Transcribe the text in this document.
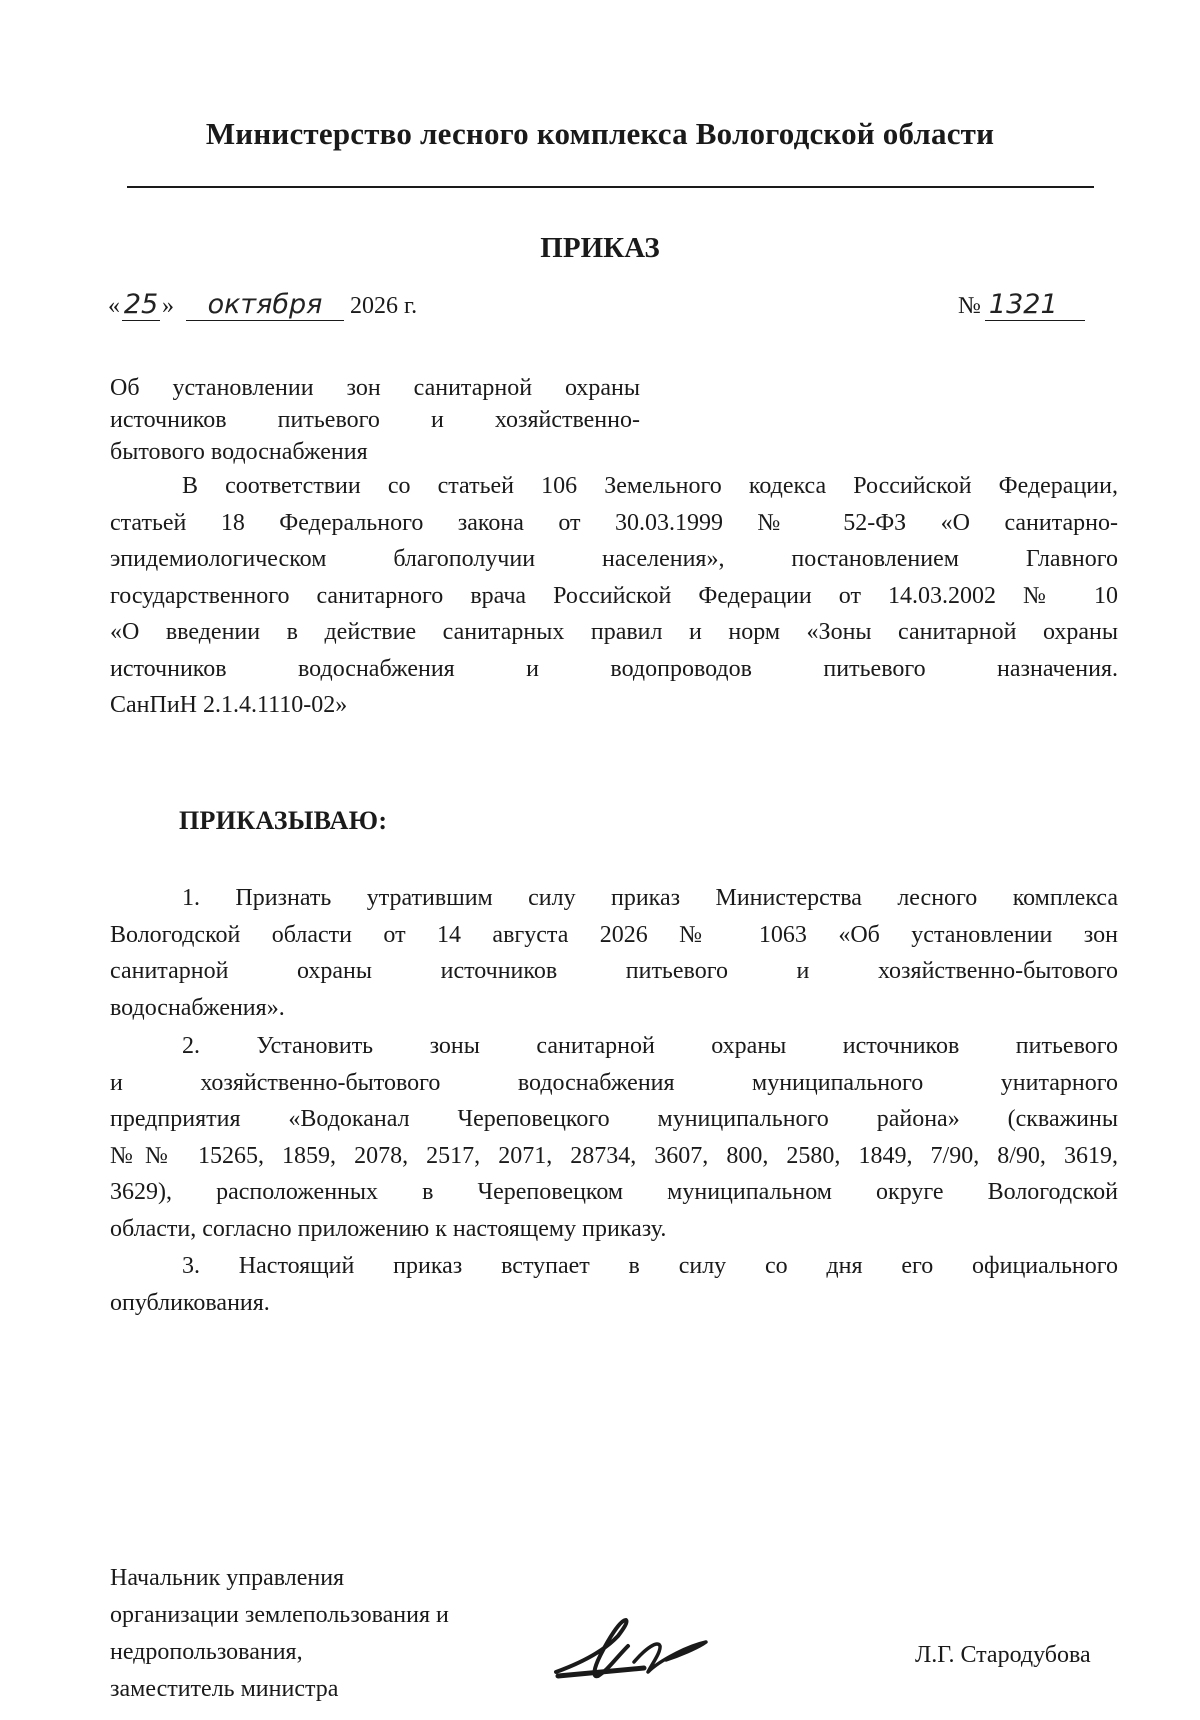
Министерство лесного комплекса Вологодской области
ПРИКАЗ
« 25 » октября 2026 г.	№ 1321
Об установлении зон санитарной охраны
источников питьевого и хозяйственно-
бытового водоснабжения
В соответствии со статьей 106 Земельного кодекса Российской Федерации,
статьей 18 Федерального закона от 30.03.1999 № 52-ФЗ «О санитарно-
эпидемиологическом благополучии населения», постановлением Главного
государственного санитарного врача Российской Федерации от 14.03.2002 № 10
«О введении в действие санитарных правил и норм «Зоны санитарной охраны
источников водоснабжения и водопроводов питьевого назначения.
СанПиН 2.1.4.1110-02»
ПРИКАЗЫВАЮ:
1. Признать утратившим силу приказ Министерства лесного комплекса
Вологодской области от 14 августа 2026 № 1063 «Об установлении зон
санитарной охраны источников питьевого и хозяйственно-бытового
водоснабжения».
2. Установить зоны санитарной охраны источников питьевого
и хозяйственно-бытового водоснабжения муниципального унитарного
предприятия «Водоканал Череповецкого муниципального района» (скважины
№№ 15265, 1859, 2078, 2517, 2071, 28734, 3607, 800, 2580, 1849, 7/90, 8/90, 3619,
3629), расположенных в Череповецком муниципальном округе Вологодской
области, согласно приложению к настоящему приказу.
3. Настоящий приказ вступает в силу со дня его официального
опубликования.
Начальник управления
организации землепользования и
недропользования,
заместитель министра
Л.Г. Стародубова
